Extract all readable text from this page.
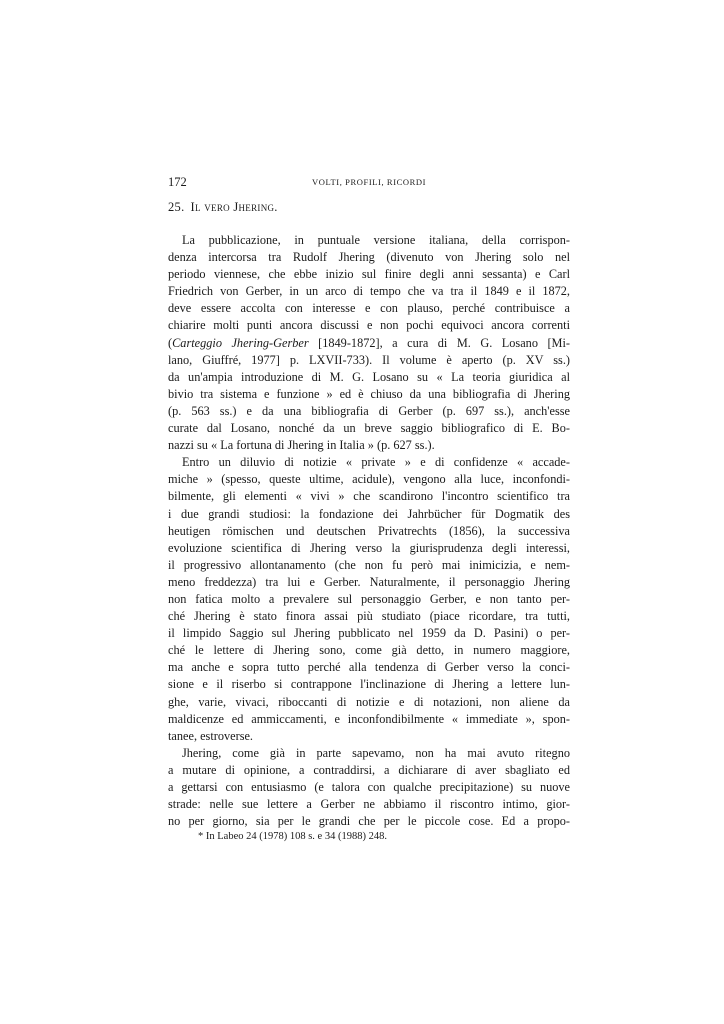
172	VOLTI, PROFILI, RICORDI
25. Il vero Jhering.
La pubblicazione, in puntuale versione italiana, della corrispon-
denza intercorsa tra Rudolf Jhering (divenuto von Jhering solo nel
periodo viennese, che ebbe inizio sul finire degli anni sessanta) e Carl
Friedrich von Gerber, in un arco di tempo che va tra il 1849 e il 1872,
deve essere accolta con interesse e con plauso, perché contribuisce a
chiarire molti punti ancora discussi e non pochi equivoci ancora correnti
(Carteggio Jhering-Gerber [1849-1872], a cura di M. G. Losano [Mi-
lano, Giuffré, 1977] p. LXVII-733). Il volume è aperto (p. XV ss.)
da un'ampia introduzione di M. G. Losano su « La teoria giuridica al
bivio tra sistema e funzione » ed è chiuso da una bibliografia di Jhering
(p. 563 ss.) e da una bibliografia di Gerber (p. 697 ss.), anch'esse
curate dal Losano, nonché da un breve saggio bibliografico di E. Bo-
nazzi su « La fortuna di Jhering in Italia » (p. 627 ss.).
Entro un diluvio di notizie « private » e di confidenze « accade-
miche » (spesso, queste ultime, acidule), vengono alla luce, inconfondi-
bilmente, gli elementi « vivi » che scandirono l'incontro scientifico tra
i due grandi studiosi: la fondazione dei Jahrbücher für Dogmatik des
heutigen römischen und deutschen Privatrechts (1856), la successiva
evoluzione scientifica di Jhering verso la giurisprudenza degli interessi,
il progressivo allontanamento (che non fu però mai inimicizia, e nem-
meno freddezza) tra lui e Gerber. Naturalmente, il personaggio Jhering
non fatica molto a prevalere sul personaggio Gerber, e non tanto per-
ché Jhering è stato finora assai più studiato (piace ricordare, tra tutti,
il limpido Saggio sul Jhering pubblicato nel 1959 da D. Pasini) o per-
ché le lettere di Jhering sono, come già detto, in numero maggiore,
ma anche e sopra tutto perché alla tendenza di Gerber verso la conci-
sione e il riserbo si contrappone l'inclinazione di Jhering a lettere lun-
ghe, varie, vivaci, riboccanti di notizie e di notazioni, non aliene da
maldicenze ed ammiccamenti, e inconfondibilmente « immediate », spon-
tanee, estroverse.
Jhering, come già in parte sapevamo, non ha mai avuto ritegno
a mutare di opinione, a contraddirsi, a dichiarare di aver sbagliato ed
a gettarsi con entusiasmo (e talora con qualche precipitazione) su nuove
strade: nelle sue lettere a Gerber ne abbiamo il riscontro intimo, gior-
no per giorno, sia per le grandi che per le piccole cose. Ed a propo-
* In Labeo 24 (1978) 108 s. e 34 (1988) 248.
